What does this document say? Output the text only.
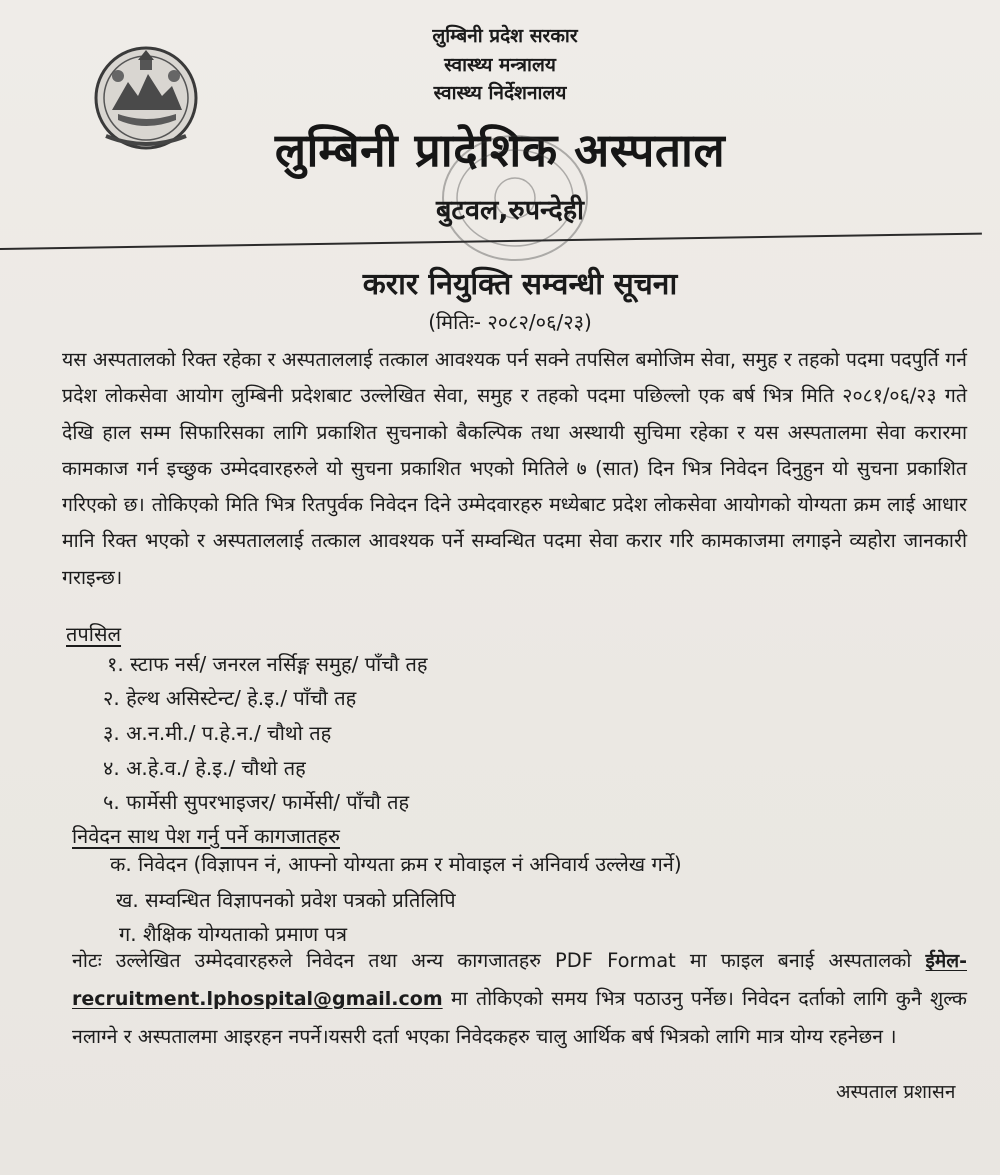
लुम्बिनी प्रदेश सरकार
स्वास्थ्य मन्त्रालय
स्वास्थ्य निर्देशनालय
लुम्बिनी प्रादेशिक अस्पताल
बुटवल,रुपन्देही
करार नियुक्ति सम्वन्धी सूचना
(मितिः- २०८२/०६/२३)
यस अस्पतालको रिक्त रहेका र अस्पताललाई तत्काल आवश्यक पर्न सक्ने तपसिल बमोजिम सेवा, समुह र तहको पदमा पदपुर्ति गर्न प्रदेश लोकसेवा आयोग लुम्बिनी प्रदेशबाट उल्लेखित सेवा, समुह र तहको पदमा पछिल्लो एक बर्ष भित्र मिति २०८१/०६/२३ गते देखि हाल सम्म सिफारिसका लागि प्रकाशित सुचनाको बैकल्पिक तथा अस्थायी सुचिमा रहेका र यस अस्पतालमा सेवा करारमा कामकाज गर्न इच्छुक उम्मेदवारहरुले यो सुचना प्रकाशित भएको मितिले ७ (सात) दिन भित्र निवेदन दिनुहुन यो सुचना प्रकाशित गरिएको छ। तोकिएको मिति भित्र रितपुर्वक निवेदन दिने उम्मेदवारहरु मध्येबाट प्रदेश लोकसेवा आयोगको योग्यता क्रम लाई आधार मानि रिक्त भएको र अस्पताललाई तत्काल आवश्यक पर्ने सम्वन्धित पदमा सेवा करार गरि कामकाजमा लगाइने व्यहोरा जानकारी गराइन्छ।
तपसिल
१. स्टाफ नर्स/ जनरल नर्सिङ्ग समुह/ पाँचौ तह
२. हेल्थ असिस्टेन्ट/ हे.इ./ पाँचौ तह
३. अ.न.मी./ प.हे.न./ चौथो तह
४. अ.हे.व./ हे.इ./ चौथो तह
५. फार्मेसी सुपरभाइजर/ फार्मेसी/ पाँचौ तह
निवेदन साथ पेश गर्नु पर्ने कागजातहरु
क. निवेदन (विज्ञापन नं, आफ्नो योग्यता क्रम र मोवाइल नं अनिवार्य उल्लेख गर्ने)
ख. सम्वन्धित विज्ञापनको प्रवेश पत्रको प्रतिलिपि
ग. शैक्षिक योग्यताको प्रमाण पत्र
नोटः उल्लेखित उम्मेदवारहरुले निवेदन तथा अन्य कागजातहरु PDF Format मा फाइल बनाई अस्पतालको ईमेल-recruitment.lphospital@gmail.com मा तोकिएको समय भित्र पठाउनु पर्नेछ। निवेदन दर्ताको लागि कुनै शुल्क नलाग्ने र अस्पतालमा आइरहन नपर्ने।यसरी दर्ता भएका निवेदकहरु चालु आर्थिक बर्ष भित्रको लागि मात्र योग्य रहनेछन ।
अस्पताल प्रशासन
